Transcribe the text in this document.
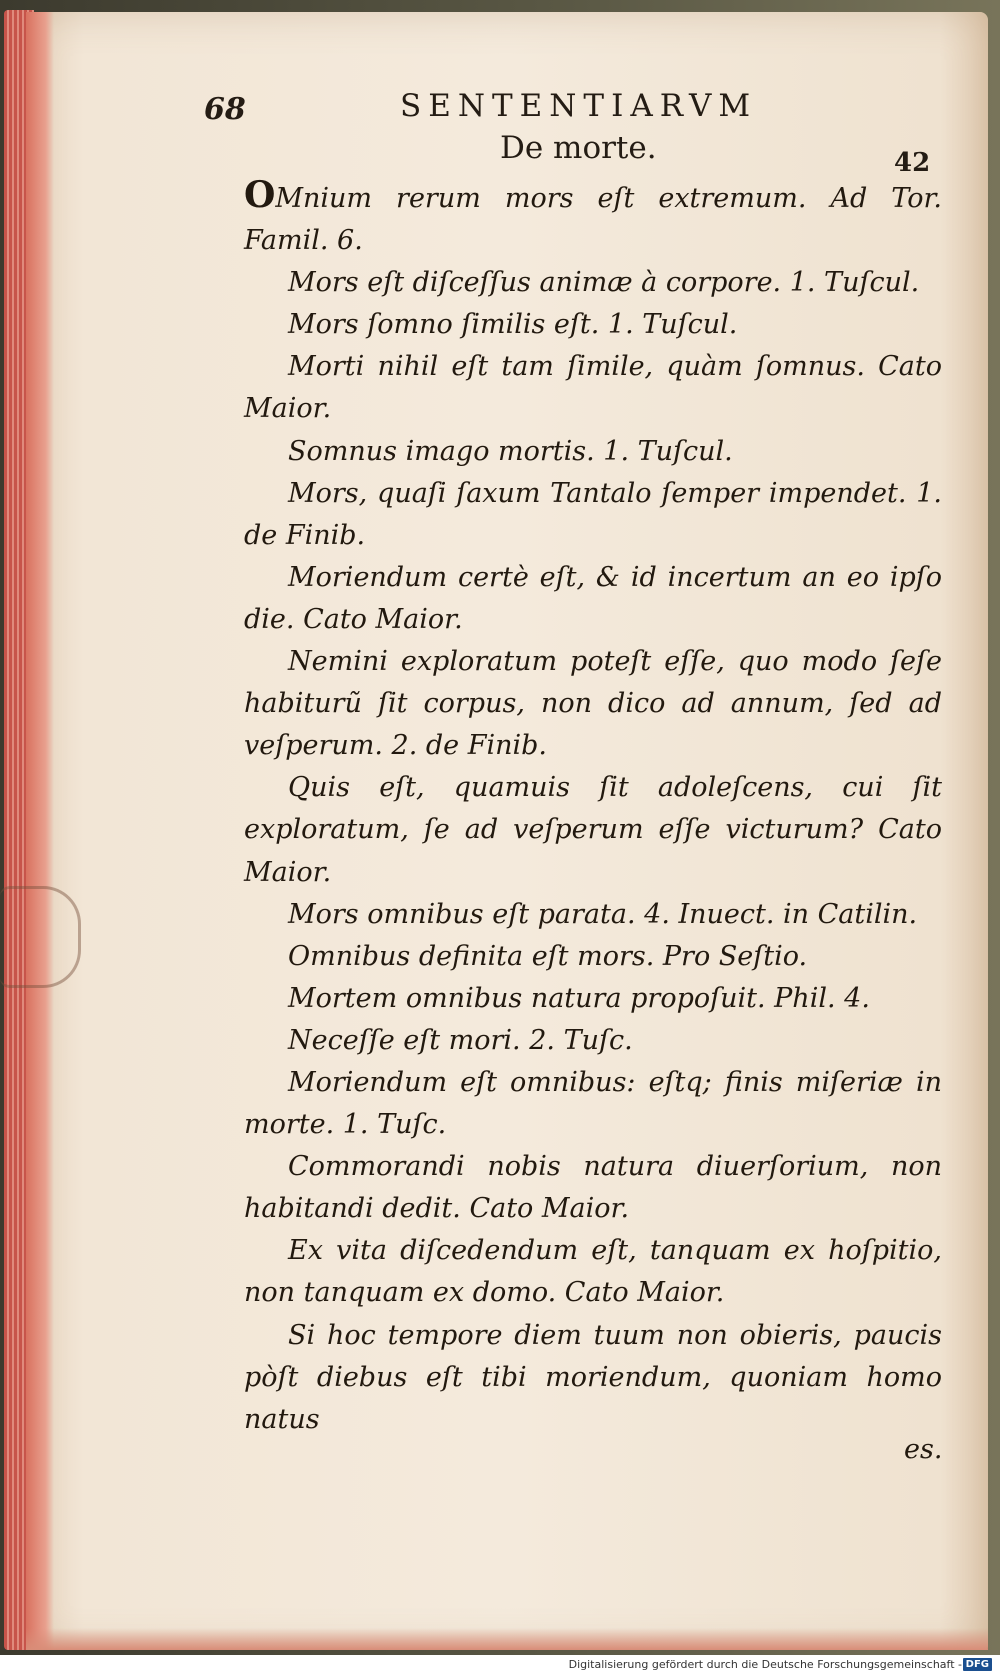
68	SENTENTIARVM
De morte.	42

OMnium rerum mors eſt extremum. Ad Tor. Famil. 6.

Mors eſt diſceſſus animæ à corpore. 1. Tuſcul.

Mors ſomno ſimilis eſt. 1. Tuſcul.

Morti nihil eſt tam ſimile, quàm ſomnus. Cato Maior.

Somnus imago mortis. 1. Tuſcul.

Mors, quaſi ſaxum Tantalo ſemper impendet. 1. de Finib.

Moriendum certè eſt, & id incertum an eo ipſo die. Cato Maior.

Nemini exploratum poteſt eſſe, quo modo ſeſe habiturũ ſit corpus, non dico ad annum, ſed ad veſperum. 2. de Finib.

Quis eſt, quamuis ſit adoleſcens, cui ſit exploratum, ſe ad veſperum eſſe victurum? Cato Maior.

Mors omnibus eſt parata. 4. Inuect. in Catilin.

Omnibus definita eſt mors. Pro Seſtio.

Mortem omnibus natura propoſuit. Phil. 4.

Neceſſe eſt mori. 2. Tuſc.

Moriendum eſt omnibus: eſtq; finis miſeriæ in morte. 1. Tuſc.

Commorandi nobis natura diuerſorium, non habitandi dedit. Cato Maior.

Ex vita diſcedendum eſt, tanquam ex hoſpitio, non tanquam ex domo. Cato Maior.

Si hoc tempore diem tuum non obieris, paucis pòſt diebus eſt tibi moriendum, quoniam homo natus

es.
Digitalisierung gefördert durch die Deutsche Forschungsgemeinschaft - DFG
